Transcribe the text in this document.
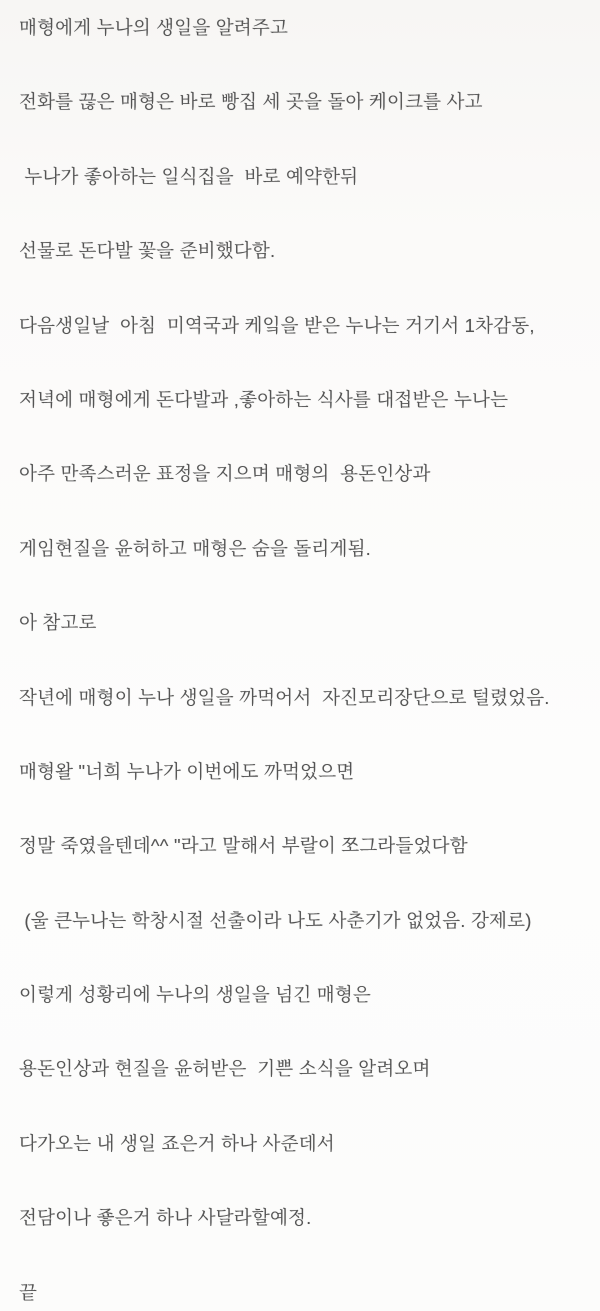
매형에게 누나의 생일을 알려주고

전화를 끊은 매형은 바로 빵집 세 곳을 돌아 케이크를 사고

누나가 좋아하는 일식집을  바로 예약한뒤

선물로 돈다발 꽃을 준비했다함.

다음생일날  아침  미역국과 케잌을 받은 누나는 거기서 1차감동,

저녁에 매형에게 돈다발과 ,좋아하는 식사를 대접받은 누나는

아주 만족스러운 표정을 지으며 매형의  용돈인상과

게임현질을 윤허하고 매형은 숨을 돌리게됨.

아 참고로

작년에 매형이 누나 생일을 까먹어서  자진모리장단으로 털렸었음.

매형왈 "너희 누나가 이번에도 까먹었으면

정말 죽였을텐데^^ "라고 말해서 부랄이 쪼그라들었다함

(울 큰누나는 학창시절 선출이라 나도 사춘기가 없었음. 강제로)

이렇게 성황리에 누나의 생일을 넘긴 매형은

용돈인상과 현질을 윤허받은  기쁜 소식을 알려오며

다가오는 내 생일 죠은거 하나 사준데서

전담이나 죻은거 하나 사달라할예정.

끝
